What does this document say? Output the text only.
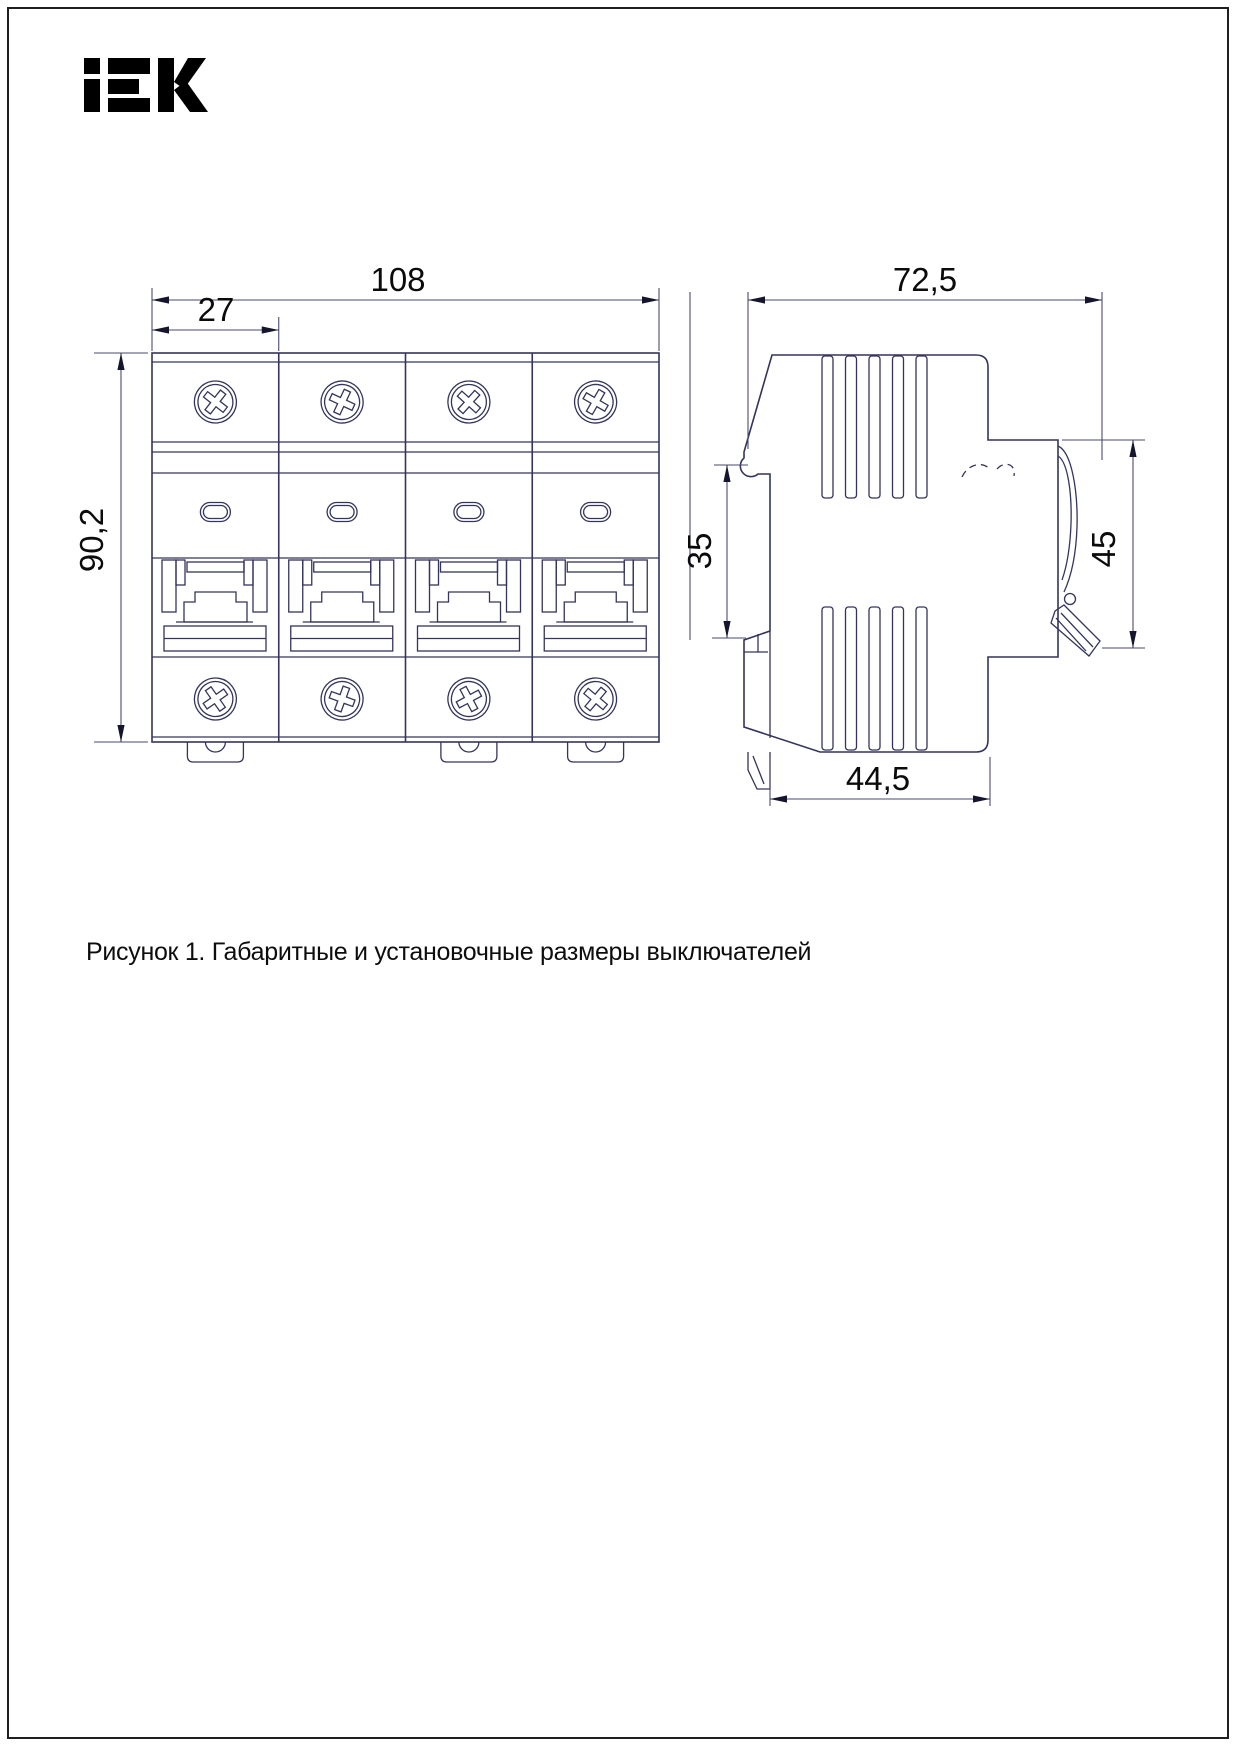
108
27
90,2
72,5
35	45
44,5
Рисунок 1. Габаритные и установочные размеры выключателей
